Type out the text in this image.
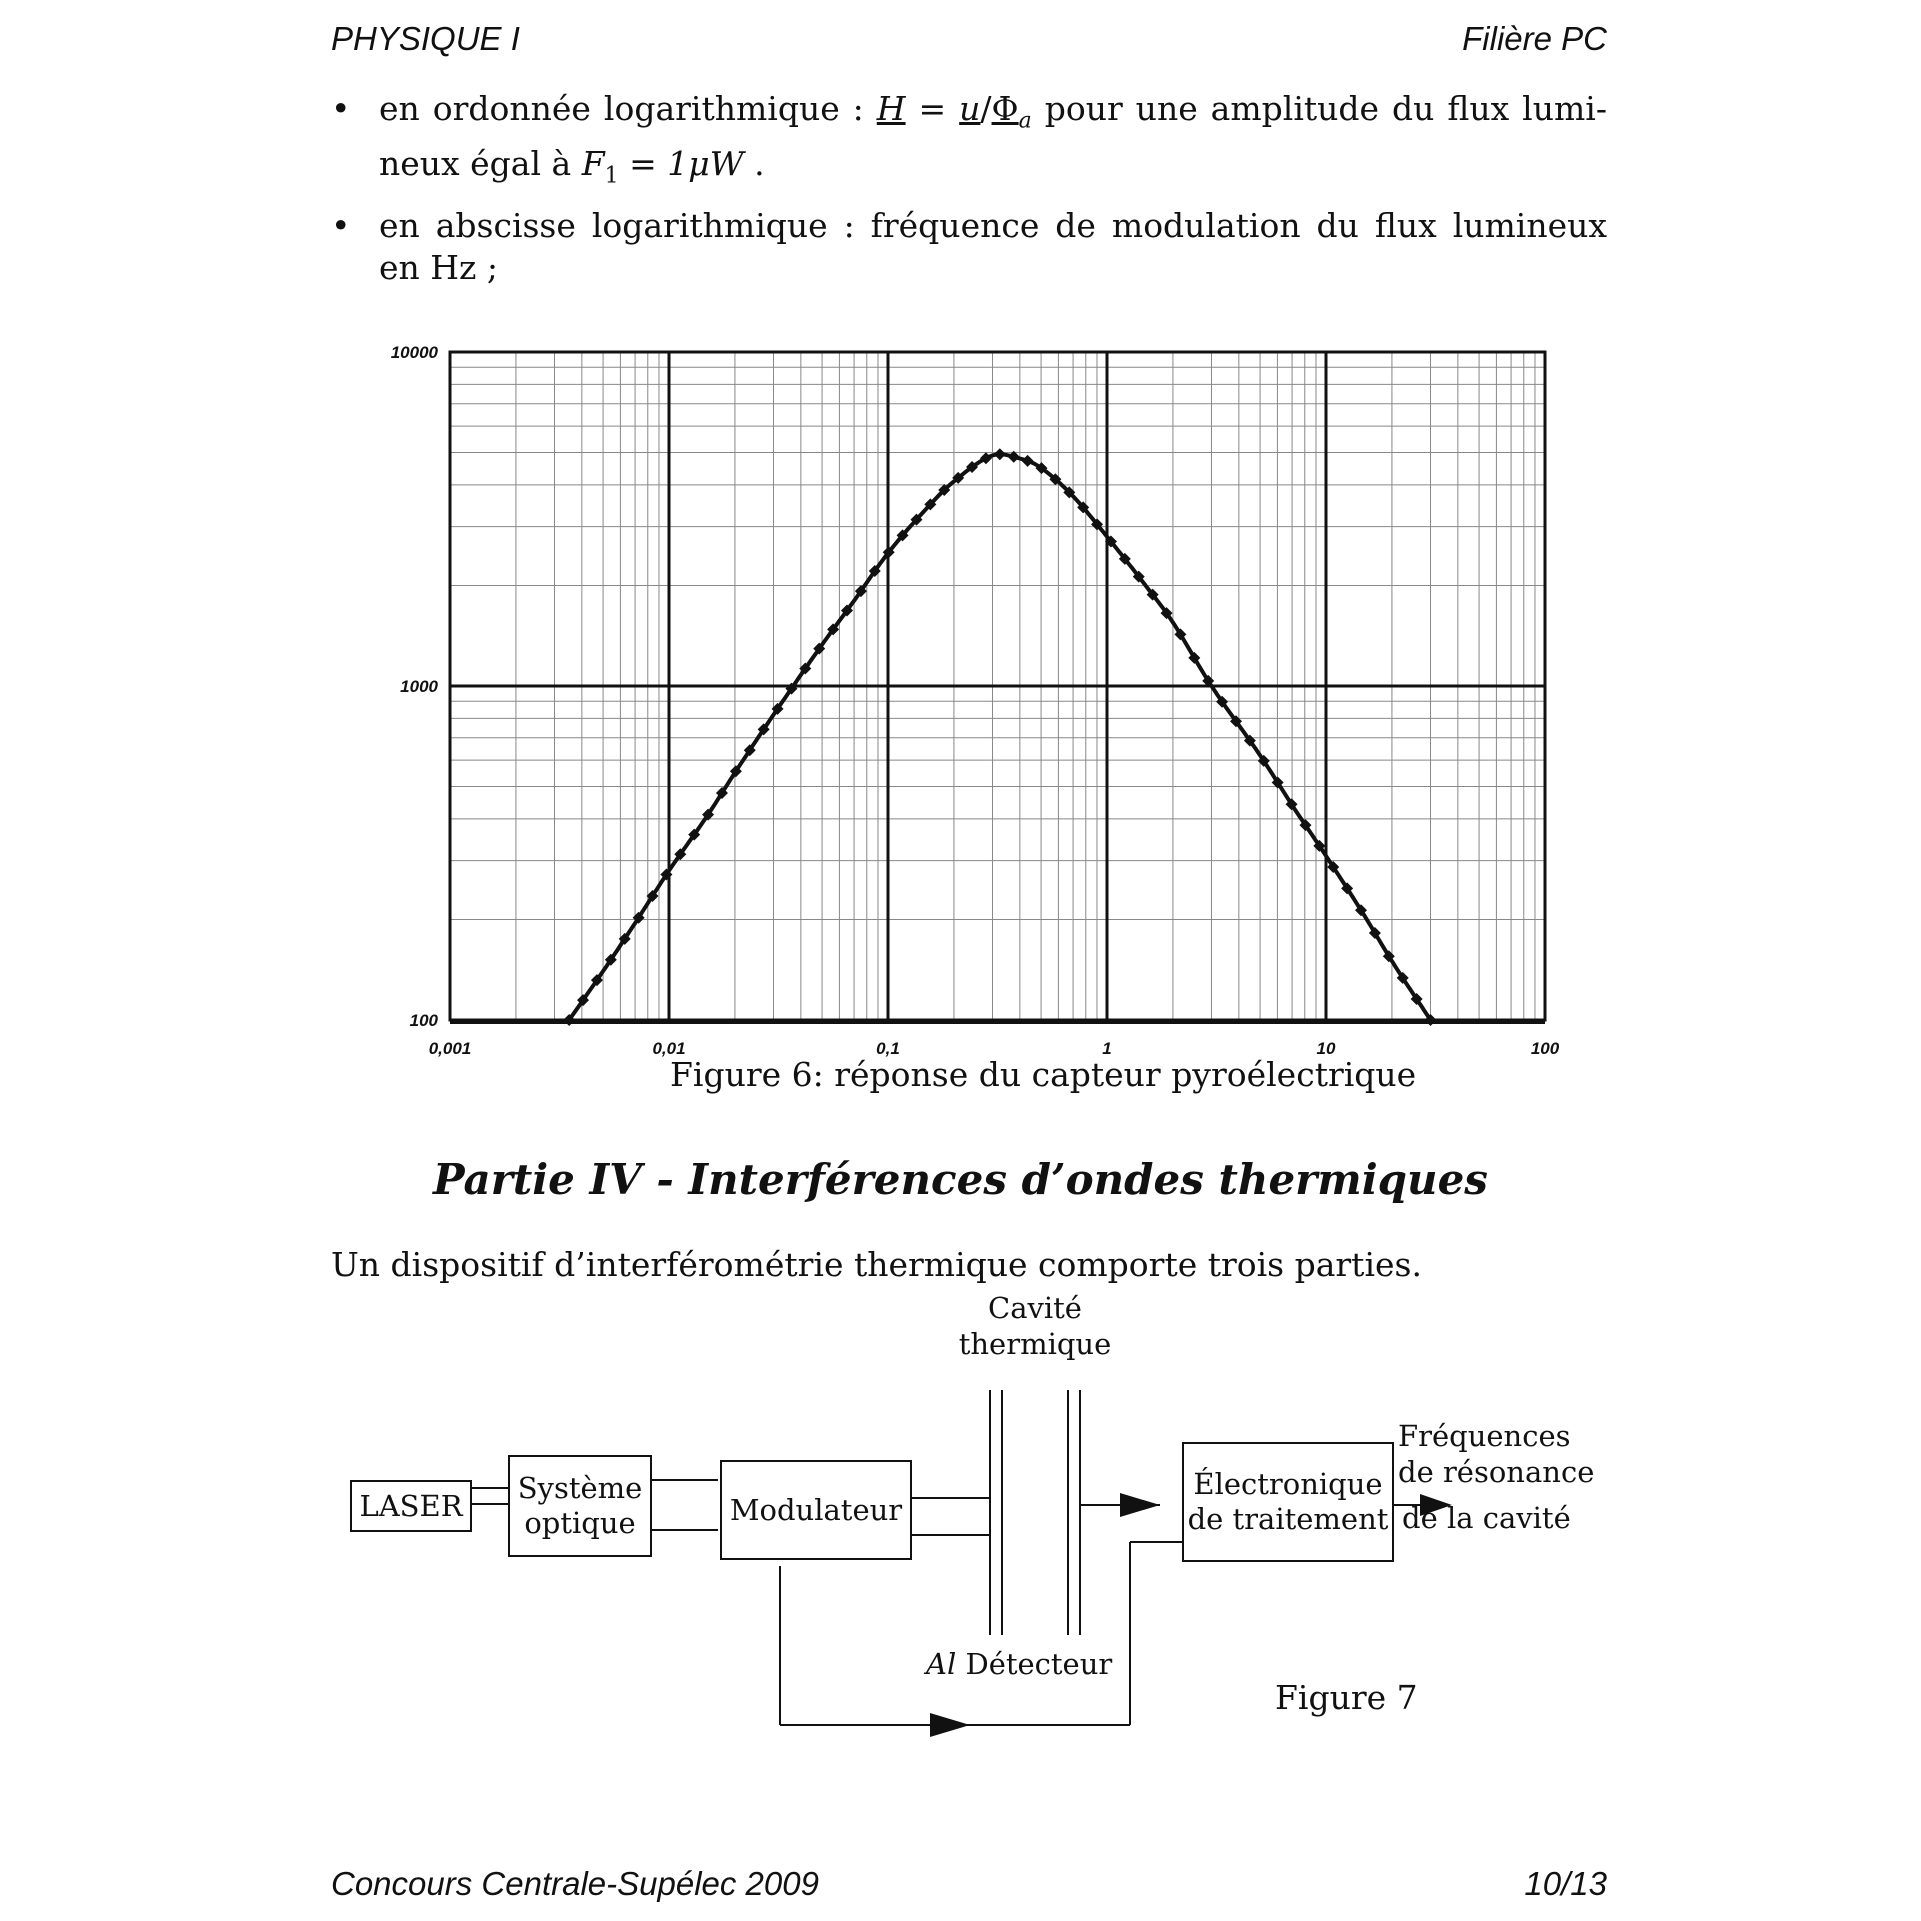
PHYSIQUE I	Filière PC
• en ordonnée logarithmique : $H = u/\Phi_a$ pour une amplitude du flux lumi-neux égal à $F_1 = 1\mu W$ .
• en abscisse logarithmique : fréquence de modulation du flux lumineux en Hz ;
0,001	0,01	0,1	1	10	100
100
1000
10000
Figure 6: réponse du capteur pyroélectrique
Partie IV - Interférences d’ondes thermiques
Un dispositif d’interférométrie thermique comporte trois parties.
LASER
Système
optique	Modulateur
Électronique
de traitement
Cavité
thermique
Fréquences
de résonance
de la cavité
Al Détecteur
Figure 7
Concours Centrale-Supélec 2009	10/13
